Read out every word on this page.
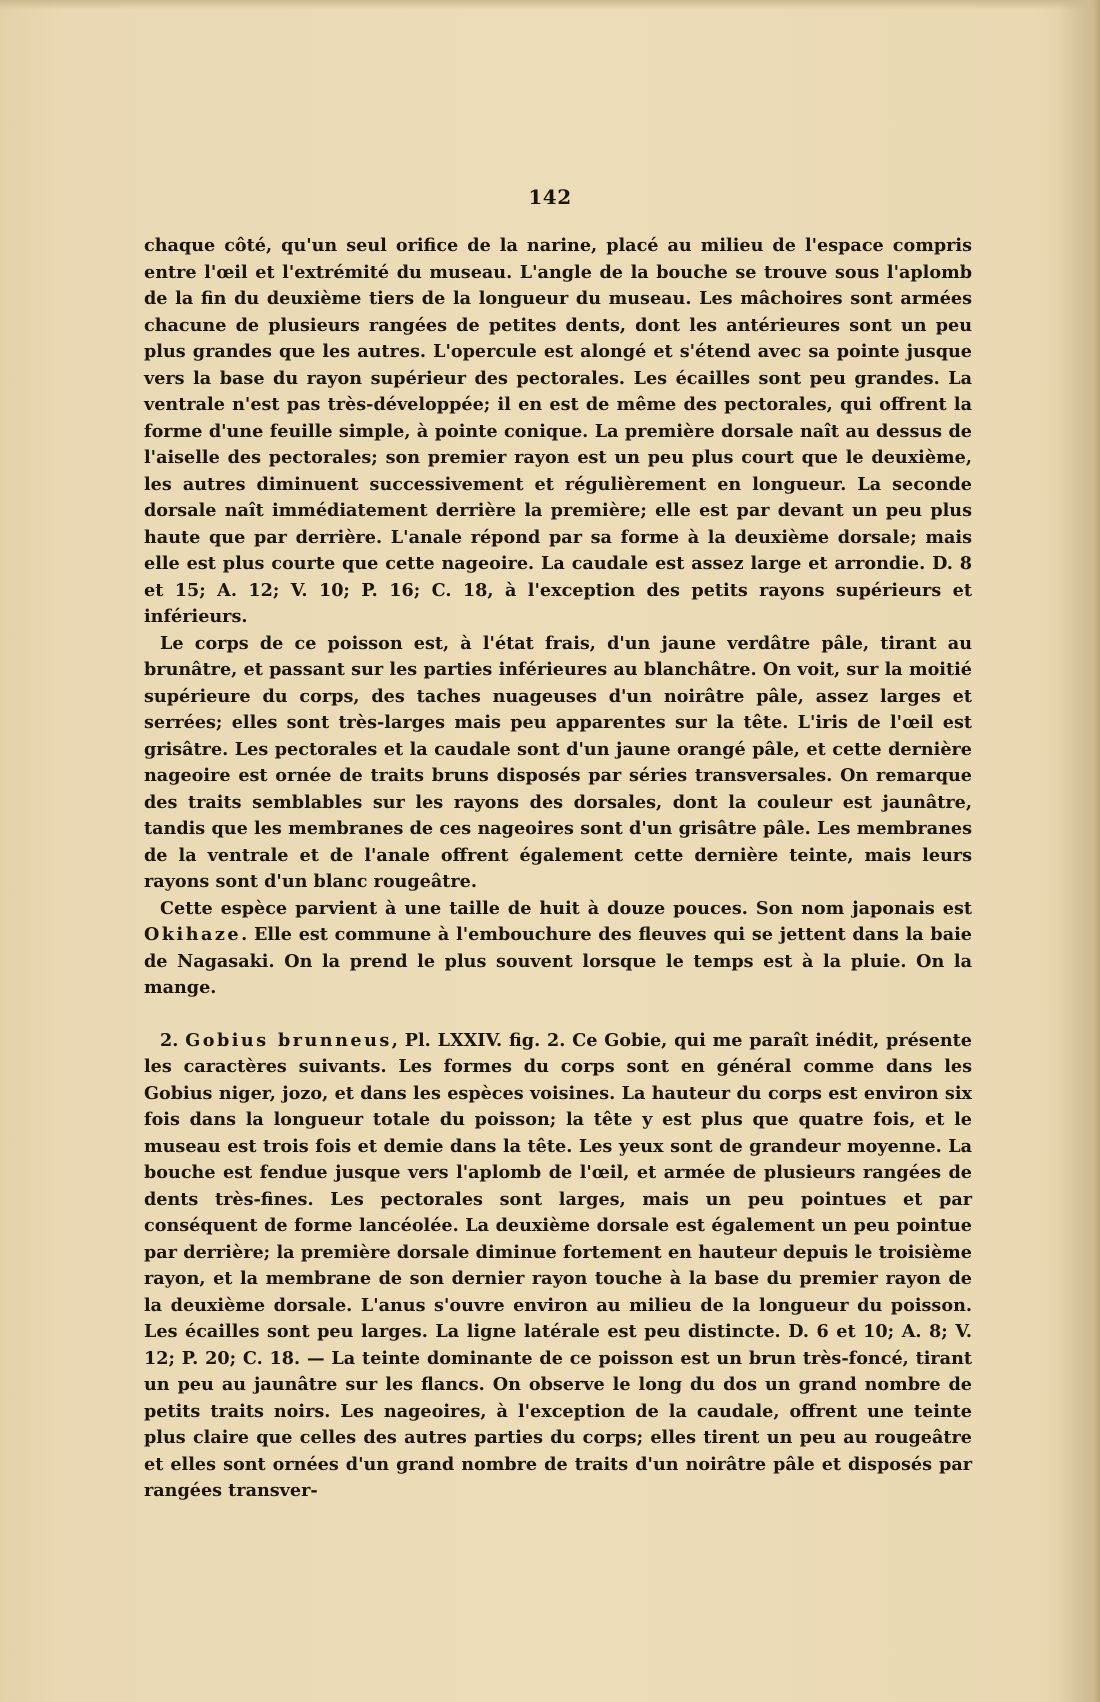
142

chaque côté, qu'un seul orifice de la narine, placé au milieu de l'espace compris entre l'œil et l'extrémité du museau. L'angle de la bouche se trouve sous l'aplomb de la fin du deuxième tiers de la longueur du museau. Les mâchoires sont armées chacune de plusieurs rangées de petites dents, dont les antérieures sont un peu plus grandes que les autres. L'opercule est alongé et s'étend avec sa pointe jusque vers la base du rayon supérieur des pectorales. Les écailles sont peu grandes. La ventrale n'est pas très-développée; il en est de même des pectorales, qui offrent la forme d'une feuille simple, à pointe conique. La première dorsale naît au dessus de l'aiselle des pectorales; son premier rayon est un peu plus court que le deuxième, les autres diminuent successivement et régulièrement en longueur. La seconde dorsale naît immédiatement derrière la première; elle est par devant un peu plus haute que par derrière. L'anale répond par sa forme à la deuxième dorsale; mais elle est plus courte que cette nageoire. La caudale est assez large et arrondie. D. 8 et 15; A. 12; V. 10; P. 16; C. 18, à l'exception des petits rayons supérieurs et inférieurs.

Le corps de ce poisson est, à l'état frais, d'un jaune verdâtre pâle, tirant au brunâtre, et passant sur les parties inférieures au blanchâtre. On voit, sur la moitié supérieure du corps, des taches nuageuses d'un noirâtre pâle, assez larges et serrées; elles sont très-larges mais peu apparentes sur la tête. L'iris de l'œil est grisâtre. Les pectorales et la caudale sont d'un jaune orangé pâle, et cette dernière nageoire est ornée de traits bruns disposés par séries transversales. On remarque des traits semblables sur les rayons des dorsales, dont la couleur est jaunâtre, tandis que les membranes de ces nageoires sont d'un grisâtre pâle. Les membranes de la ventrale et de l'anale offrent également cette dernière teinte, mais leurs rayons sont d'un blanc rougeâtre.

Cette espèce parvient à une taille de huit à douze pouces. Son nom japonais est Okihaze. Elle est commune à l'embouchure des fleuves qui se jettent dans la baie de Nagasaki. On la prend le plus souvent lorsque le temps est à la pluie. On la mange.

2. Gobius brunneus, Pl. LXXIV. fig. 2. Ce Gobie, qui me paraît inédit, présente les caractères suivants. Les formes du corps sont en général comme dans les Gobius niger, jozo, et dans les espèces voisines. La hauteur du corps est environ six fois dans la longueur totale du poisson; la tête y est plus que quatre fois, et le museau est trois fois et demie dans la tête. Les yeux sont de grandeur moyenne. La bouche est fendue jusque vers l'aplomb de l'œil, et armée de plusieurs rangées de dents très-fines. Les pectorales sont larges, mais un peu pointues et par conséquent de forme lancéolée. La deuxième dorsale est également un peu pointue par derrière; la première dorsale diminue fortement en hauteur depuis le troisième rayon, et la membrane de son dernier rayon touche à la base du premier rayon de la deuxième dorsale. L'anus s'ouvre environ au milieu de la longueur du poisson. Les écailles sont peu larges. La ligne latérale est peu distincte. D. 6 et 10; A. 8; V. 12; P. 20; C. 18. — La teinte dominante de ce poisson est un brun très-foncé, tirant un peu au jaunâtre sur les flancs. On observe le long du dos un grand nombre de petits traits noirs. Les nageoires, à l'exception de la caudale, offrent une teinte plus claire que celles des autres parties du corps; elles tirent un peu au rougeâtre et elles sont ornées d'un grand nombre de traits d'un noirâtre pâle et disposés par rangées transver-
